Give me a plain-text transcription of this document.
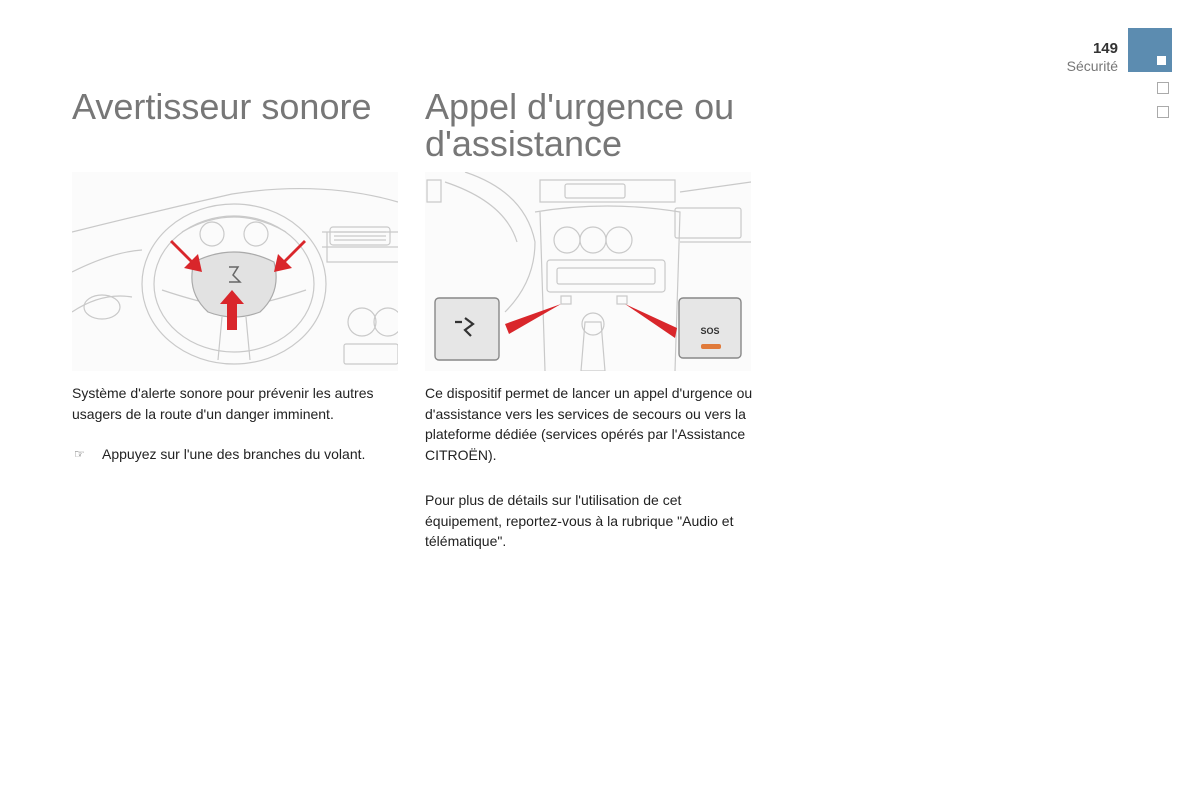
149
Sécurité
Avertisseur sonore
Système d'alerte sonore pour prévenir les autres usagers de la route d'un danger imminent.
☞	Appuyez sur l'une des branches du volant.
Appel d'urgence ou
d'assistance
SOS
Ce dispositif permet de lancer un appel d'urgence ou d'assistance vers les services de secours ou vers la plateforme dédiée (services opérés par l'Assistance CITROËN).
Pour plus de détails sur l'utilisation de cet équipement, reportez-vous à la rubrique "Audio et télématique".
